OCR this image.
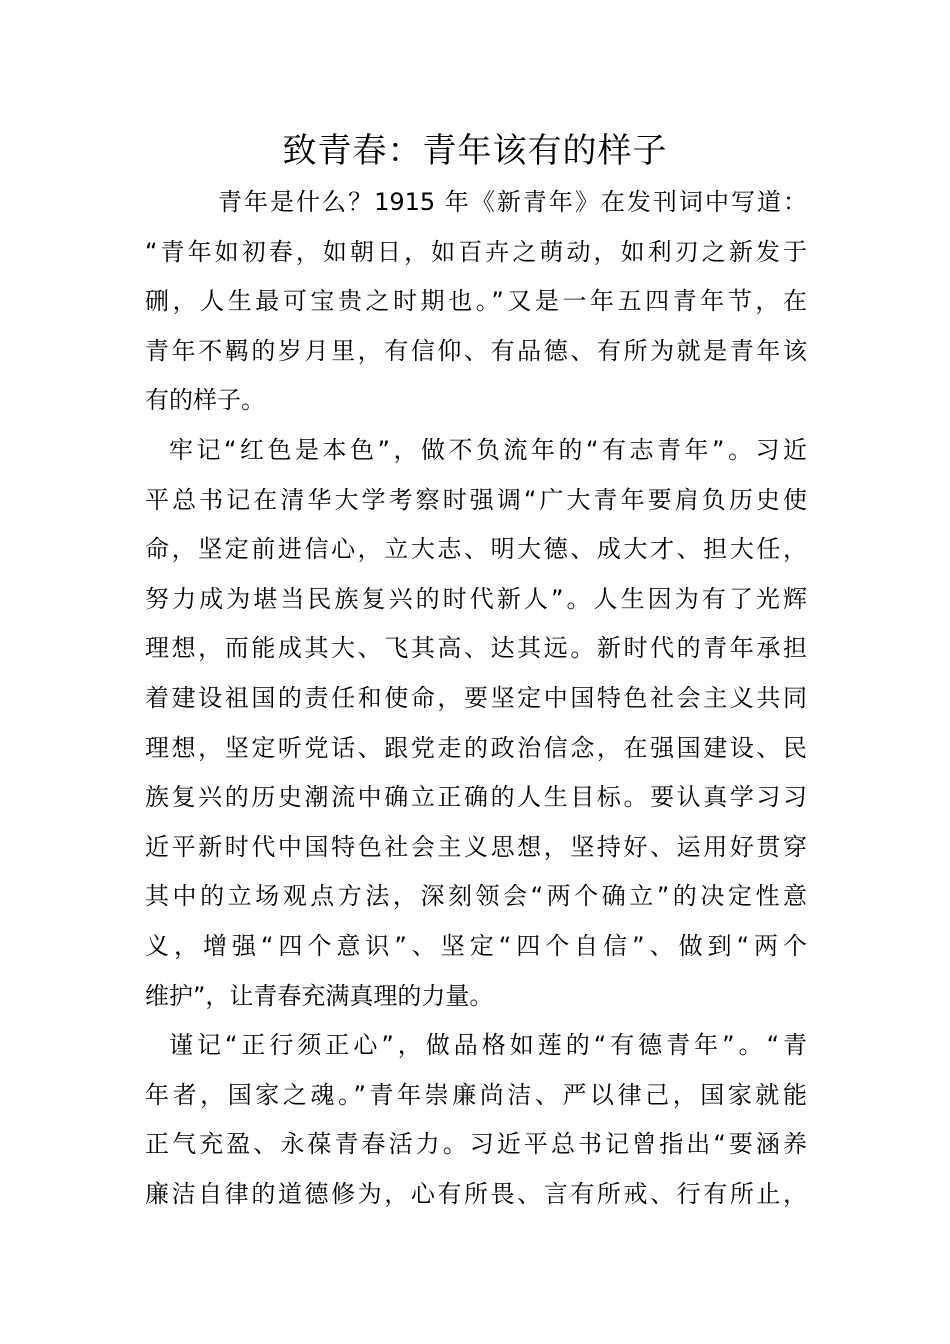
致青春：青年该有的样子
青年是什么？1915 年《新青年》在发刊词中写道：
“青年如初春，如朝日，如百卉之萌动，如利刃之新发于
硎，人生最可宝贵之时期也。”又是一年五四青年节，在
青年不羁的岁月里，有信仰、有品德、有所为就是青年该
有的样子。
牢记“红色是本色”，做不负流年的“有志青年”。习近
平总书记在清华大学考察时强调“广大青年要肩负历史使
命，坚定前进信心，立大志、明大德、成大才、担大任，
努力成为堪当民族复兴的时代新人”。人生因为有了光辉
理想，而能成其大、飞其高、达其远。新时代的青年承担
着建设祖国的责任和使命，要坚定中国特色社会主义共同
理想，坚定听党话、跟党走的政治信念，在强国建设、民
族复兴的历史潮流中确立正确的人生目标。要认真学习习
近平新时代中国特色社会主义思想，坚持好、运用好贯穿
其中的立场观点方法，深刻领会“两个确立”的决定性意
义，增强“四个意识”、坚定“四个自信”、做到“两个
维护”，让青春充满真理的力量。
谨记“正行须正心”，做品格如莲的“有德青年”。“青
年者，国家之魂。”青年崇廉尚洁、严以律己，国家就能
正气充盈、永葆青春活力。习近平总书记曾指出“要涵养
廉洁自律的道德修为，心有所畏、言有所戒、行有所止，
